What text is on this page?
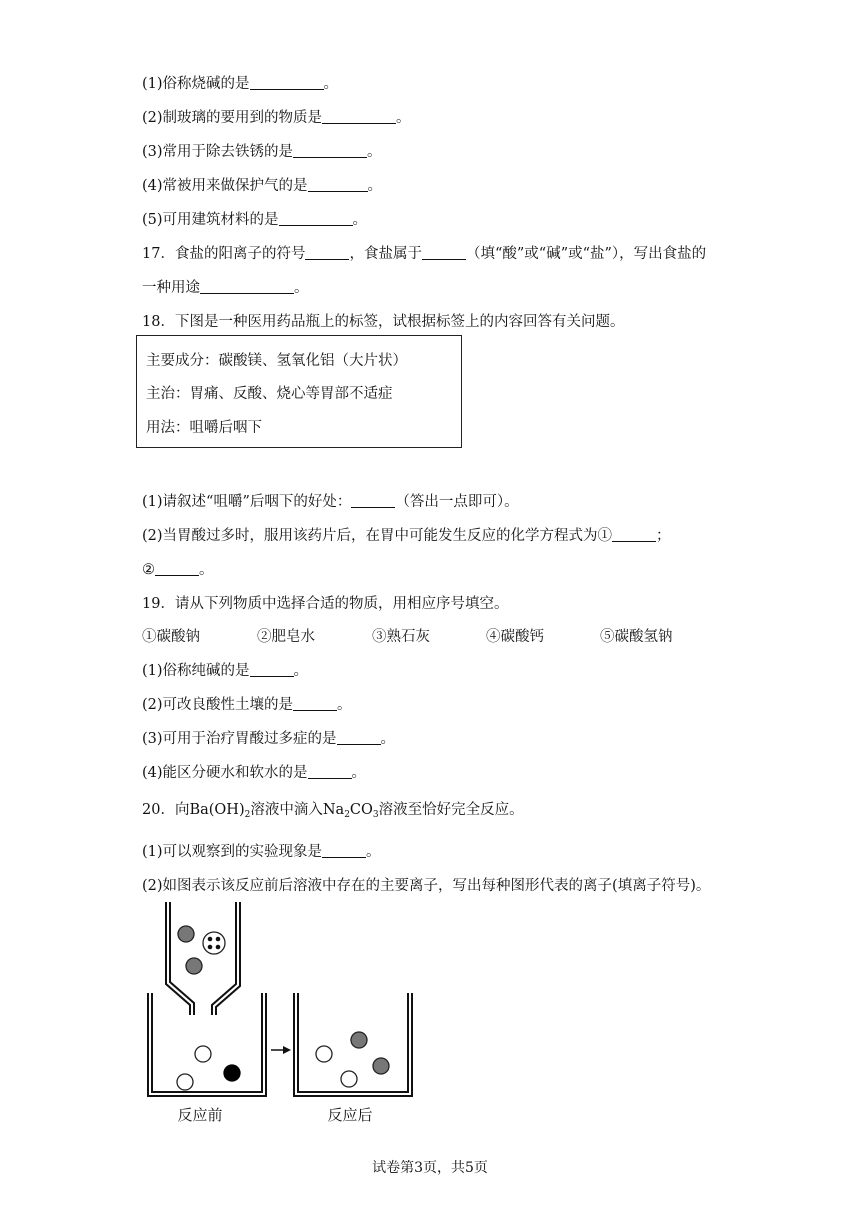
(1)俗称烧碱的是	。
(2)制玻璃的要用到的物质是	。
(3)常用于除去铁锈的是	。
(4)常被用来做保护气的是	。
(5)可用建筑材料的是	。
17．食盐的阳离子的符号	，食盐属于	（填“酸”或“碱”或“盐”），写出食盐的
一种用途	。
18．下图是一种医用药品瓶上的标签，试根据标签上的内容回答有关问题。
主要成分：碳酸镁、氢氧化铝（大片状）
主治：胃痛、反酸、烧心等胃部不适症
用法：咀嚼后咽下
(1)请叙述“咀嚼”后咽下的好处：	（答出一点即可）。
(2)当胃酸过多时，服用该药片后，在胃中可能发生反应的化学方程式为①	；
②	。
19．请从下列物质中选择合适的物质，用相应序号填空。
①碳酸钠	②肥皂水	③熟石灰	④碳酸钙	⑤碳酸氢钠
(1)俗称纯碱的是	。
(2)可改良酸性土壤的是	。
(3)可用于治疗胃酸过多症的是	。
(4)能区分硬水和软水的是	。
20．向$Ba(OH)_2$溶液中滴入$Na_2CO_3$溶液至恰好完全反应。
(1)可以观察到的实验现象是	。
(2)如图表示该反应前后溶液中存在的主要离子，写出每种图形代表的离子(填离子符号)。
反应前	反应后
试卷第3页，共5页
